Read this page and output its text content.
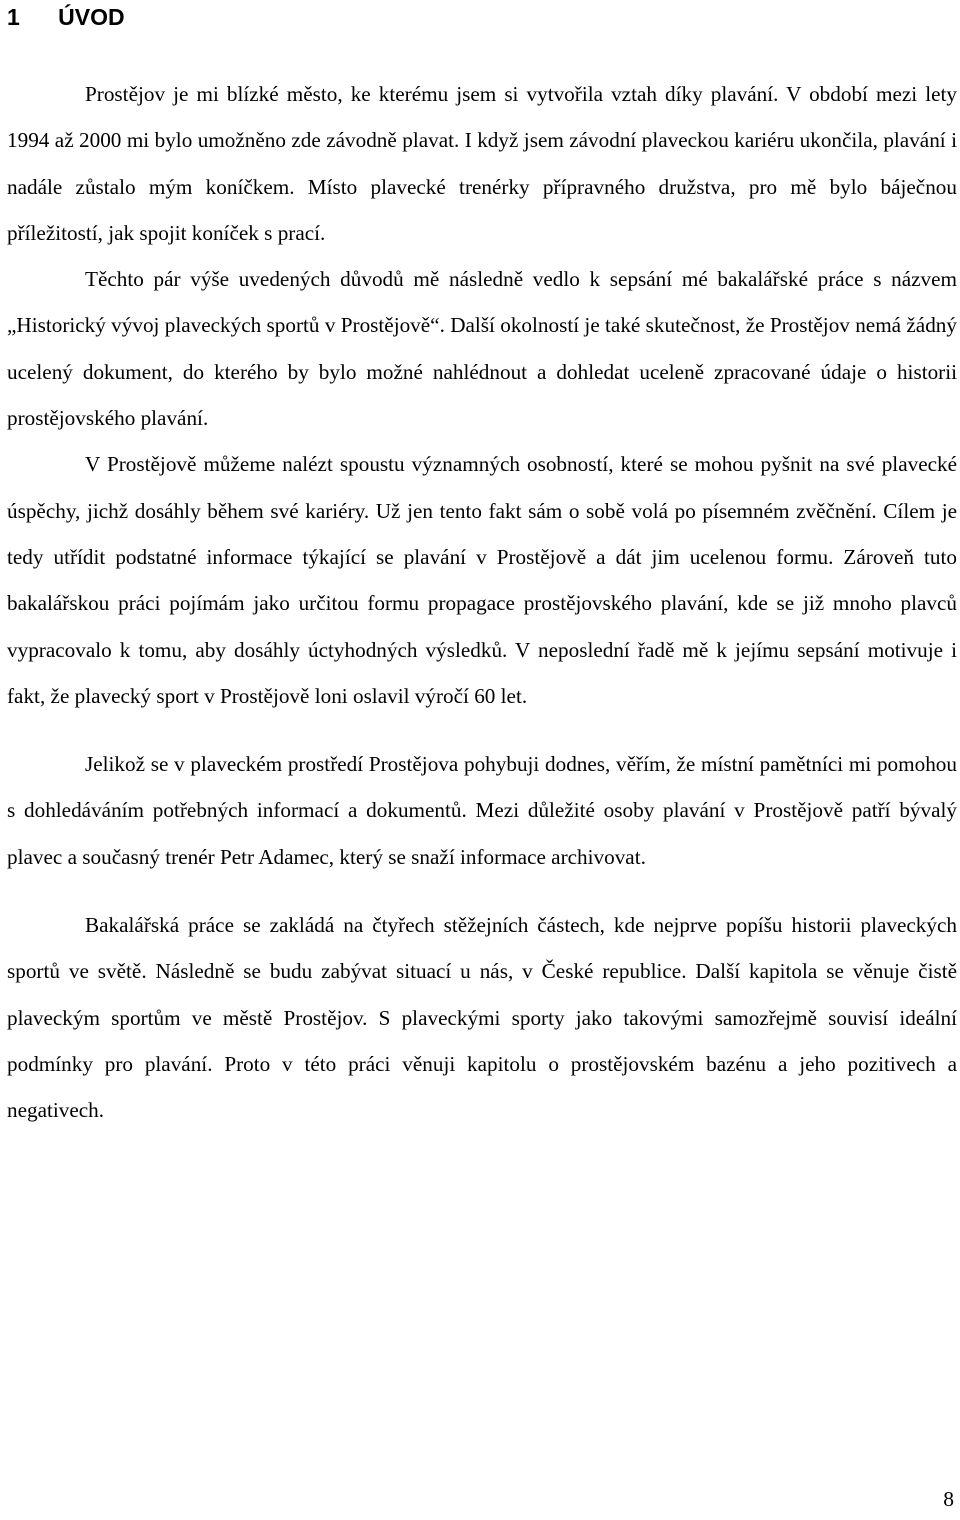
1 ÚVOD

Prostějov je mi blízké město, ke kterému jsem si vytvořila vztah díky plavání. V období mezi lety 1994 až 2000 mi bylo umožněno zde závodně plavat. I když jsem závodní plaveckou kariéru ukončila, plavání i nadále zůstalo mým koníčkem. Místo plavecké trenérky přípravného družstva, pro mě bylo báječnou příležitostí, jak spojit koníček s prací.

Těchto pár výše uvedených důvodů mě následně vedlo k sepsání mé bakalářské práce s názvem „Historický vývoj plaveckých sportů v Prostějově“. Další okolností je také skutečnost, že Prostějov nemá žádný ucelený dokument, do kterého by bylo možné nahlédnout a dohledat uceleně zpracované údaje o historii prostějovského plavání.

V Prostějově můžeme nalézt spoustu významných osobností, které se mohou pyšnit na své plavecké úspěchy, jichž dosáhly během své kariéry. Už jen tento fakt sám o sobě volá po písemném zvěčnění. Cílem je tedy utřídit podstatné informace týkající se plavání v Prostějově a dát jim ucelenou formu. Zároveň tuto bakalářskou práci pojímám jako určitou formu propagace prostějovského plavání, kde se již mnoho plavců vypracovalo k tomu, aby dosáhly úctyhodných výsledků. V neposlední řadě mě k jejímu sepsání motivuje i fakt, že plavecký sport v Prostějově loni oslavil výročí 60 let.

Jelikož se v plaveckém prostředí Prostějova pohybuji dodnes, věřím, že místní pamětníci mi pomohou s dohledáváním potřebných informací a dokumentů. Mezi důležité osoby plavání v Prostějově patří bývalý plavec a současný trenér Petr Adamec, který se snaží informace archivovat.

Bakalářská práce se zakládá na čtyřech stěžejních částech, kde nejprve popíšu historii plaveckých sportů ve světě. Následně se budu zabývat situací u nás, v České republice. Další kapitola se věnuje čistě plaveckým sportům ve městě Prostějov. S plaveckými sporty jako takovými samozřejmě souvisí ideální podmínky pro plavání. Proto v této práci věnuji kapitolu o prostějovském bazénu a jeho pozitivech a negativech.

8
